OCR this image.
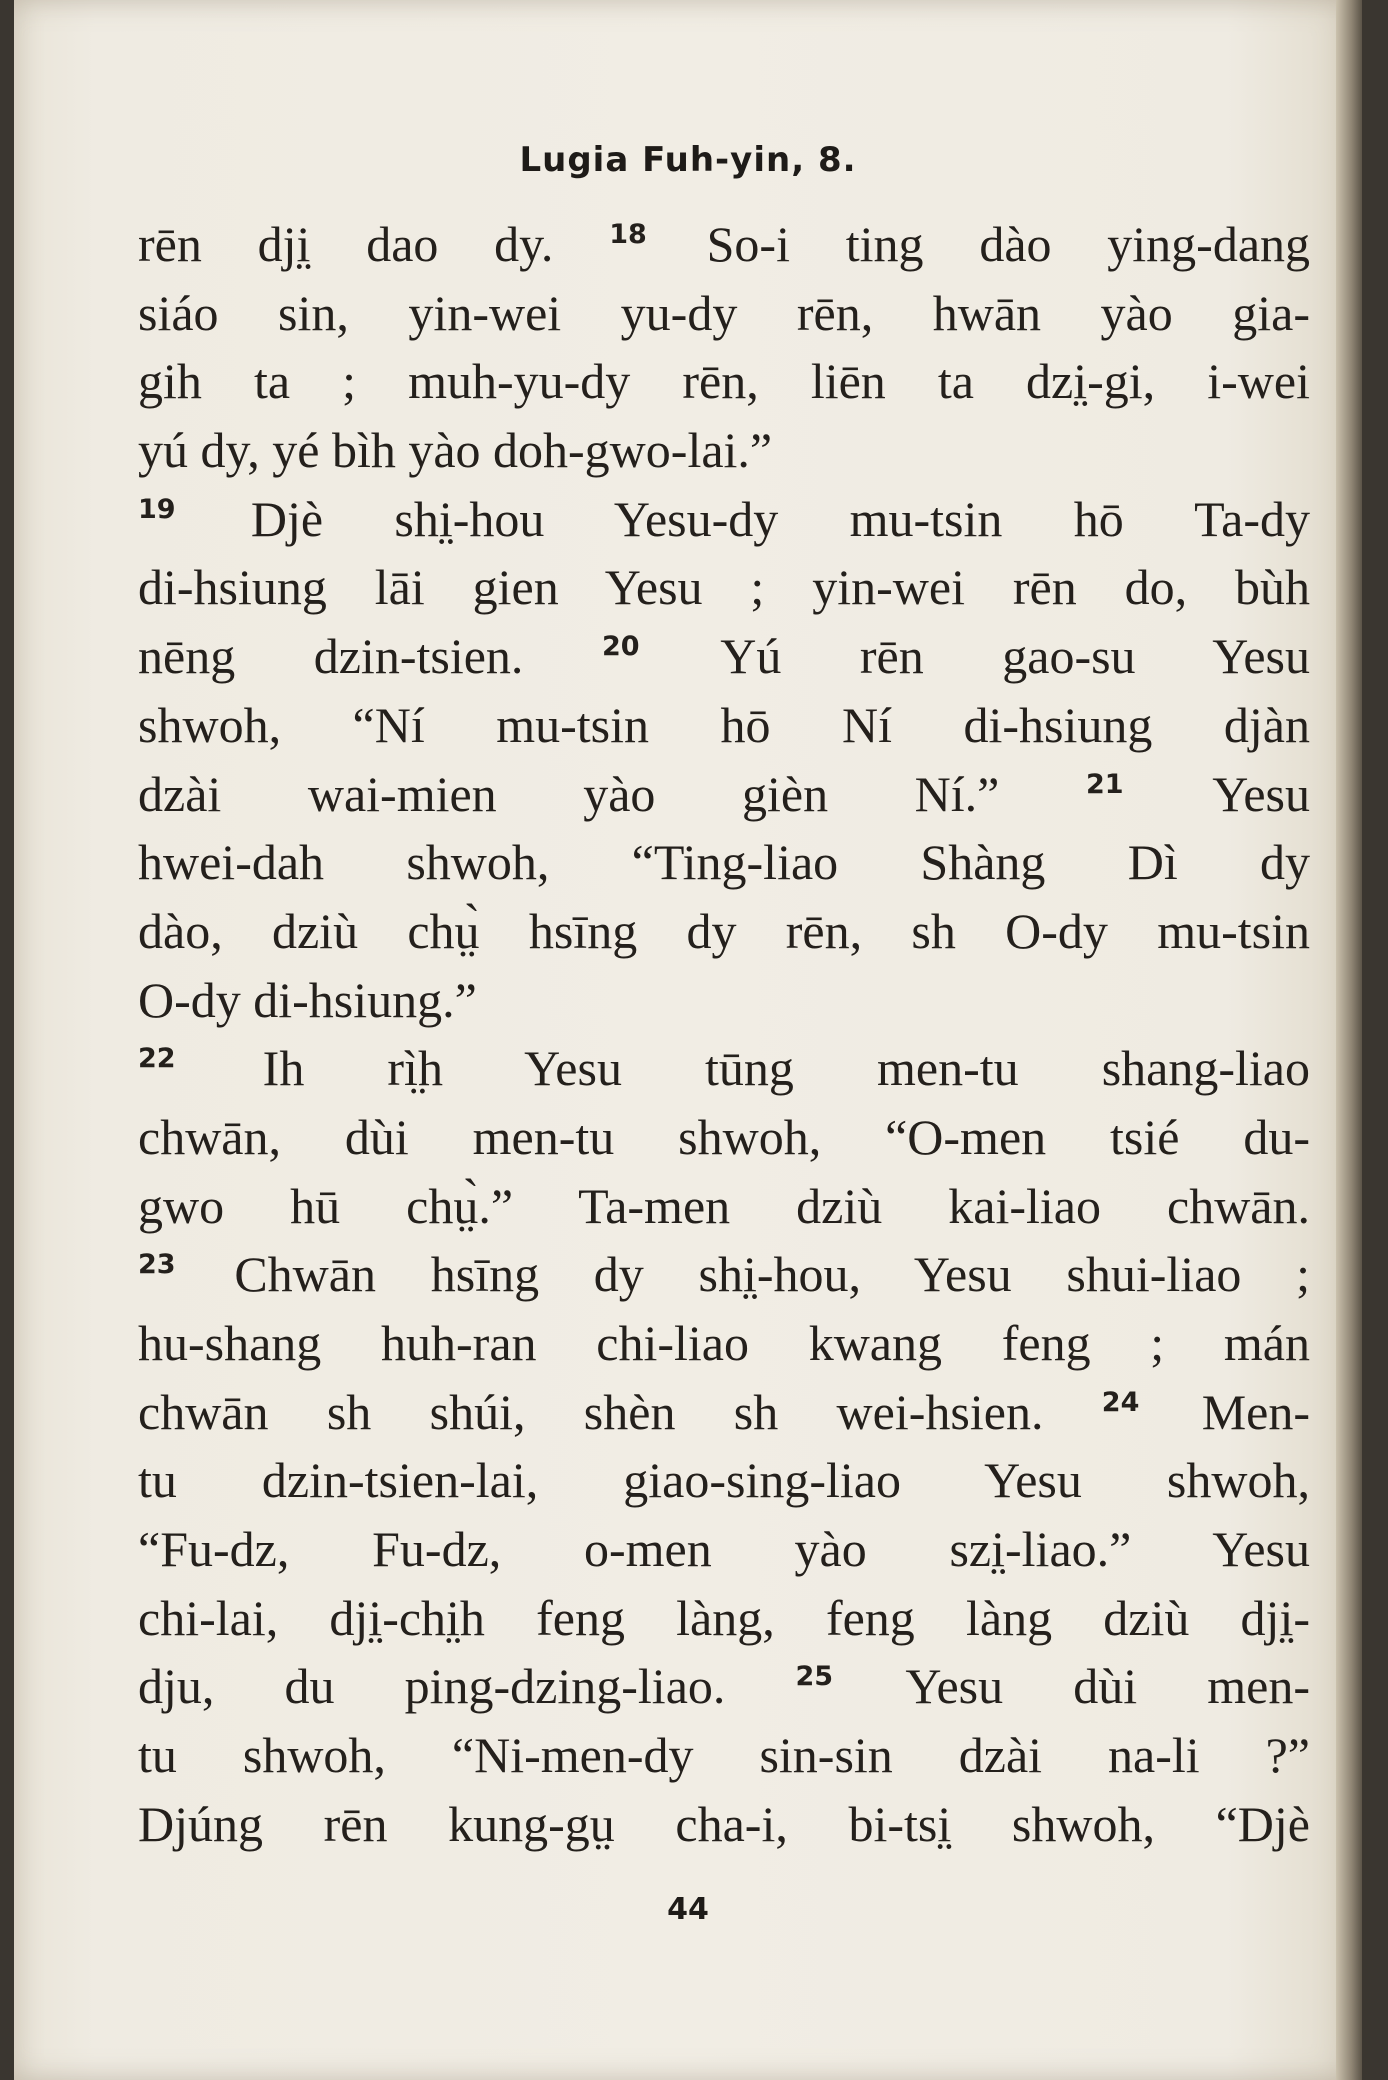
Lugia Fuh-yin, 8.
rēn dji̤ dao dy. $^{18}$ So-i ting dào ying-dang
siáo sin, yin-wei yu-dy rēn, hwān yào gia-
gih ta ; muh-yu-dy rēn, liēn ta dzi̤-gi, i-wei
yú dy, yé bìh yào doh-gwo-lai.”
$^{19}$ Djè shi̤-hou Yesu-dy mu-tsin hō Ta-dy
di-hsiung lāi gien Yesu ; yin-wei rēn do, bùh
nēng dzin-tsien.	$^{20}$ Yú rēn gao-su Yesu
shwoh, “Ní mu-tsin hō Ní di-hsiung djàn
dzài wai-mien yào gièn Ní.”	$^{21}$ Yesu
hwei-dah shwoh, “Ting-liao Shàng Dì dy
dào, dziù chṳ̀ hsīng dy rēn, sh O-dy mu-tsin
O-dy di-hsiung.”
$^{22}$ Ih rì̤h Yesu tūng men-tu shang-liao
chwān, dùi men-tu shwoh, “O-men tsié du-
gwo hū chṳ̀.” Ta-men dziù kai-liao chwān.
$^{23}$ Chwān hsīng dy shi̤-hou, Yesu shui-liao ;
hu-shang huh-ran chi-liao kwang feng ; mán
chwān sh shúi, shèn sh wei-hsien. $^{24}$ Men-
tu dzin-tsien-lai, giao-sing-liao Yesu shwoh,
“Fu-dz, Fu-dz, o-men yào szi̤-liao.” Yesu
chi-lai, dji̤-chi̤h feng làng, feng làng dziù dji̤-
dju, du ping-dzing-liao.	$^{25}$ Yesu dùi men-
tu shwoh, “Ni-men-dy sin-sin dzài na-li ?”
Djúng rēn kung-gṳ cha-i, bi-tsi̤ shwoh, “Djè
44
